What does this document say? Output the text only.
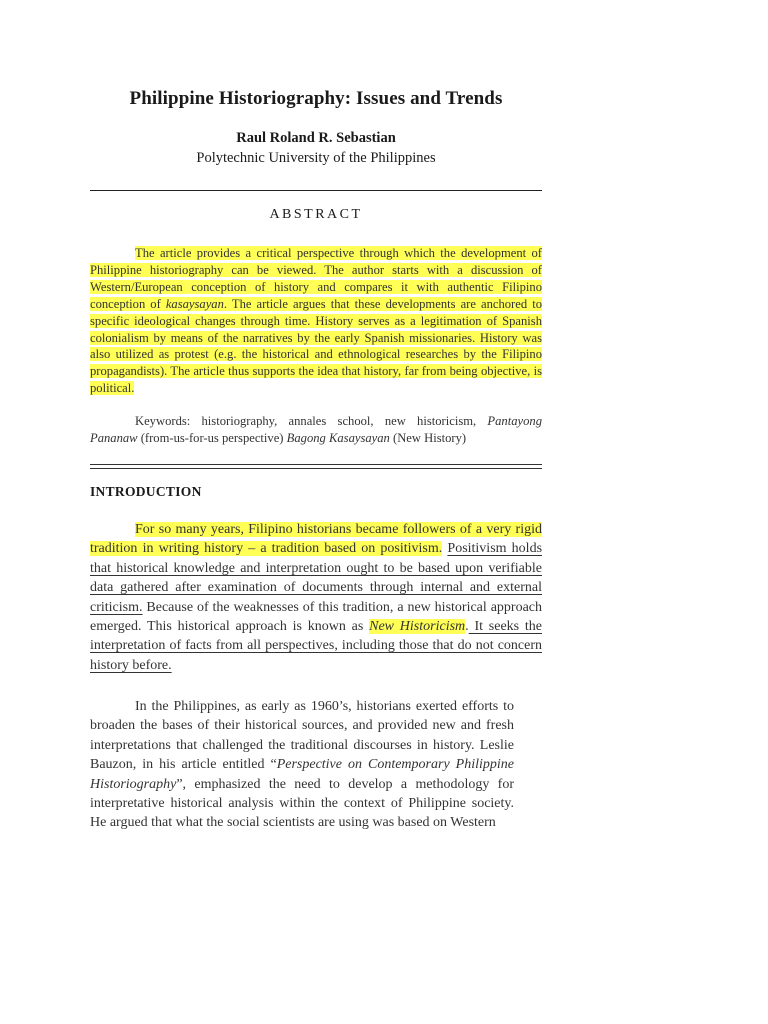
Philippine Historiography: Issues and Trends
Raul Roland R. Sebastian
Polytechnic University of the Philippines
ABSTRACT
The article provides a critical perspective through which the development of Philippine historiography can be viewed. The author starts with a discussion of Western/European conception of history and compares it with authentic Filipino conception of kasaysayan. The article argues that these developments are anchored to specific ideological changes through time. History serves as a legitimation of Spanish colonialism by means of the narratives by the early Spanish missionaries. History was also utilized as protest (e.g. the historical and ethnological researches by the Filipino propagandists). The article thus supports the idea that history, far from being objective, is political.
Keywords: historiography, annales school, new historicism, Pantayong Pananaw (from-us-for-us perspective) Bagong Kasaysayan (New History)
INTRODUCTION
For so many years, Filipino historians became followers of a very rigid tradition in writing history – a tradition based on positivism. Positivism holds that historical knowledge and interpretation ought to be based upon verifiable data gathered after examination of documents through internal and external criticism. Because of the weaknesses of this tradition, a new historical approach emerged. This historical approach is known as New Historicism. It seeks the interpretation of facts from all perspectives, including those that do not concern history before.
In the Philippines, as early as 1960’s, historians exerted efforts to broaden the bases of their historical sources, and provided new and fresh interpretations that challenged the traditional discourses in history. Leslie Bauzon, in his article entitled “Perspective on Contemporary Philippine Historiography”, emphasized the need to develop a methodology for interpretative historical analysis within the context of Philippine society. He argued that what the social scientists are using was based on Western
